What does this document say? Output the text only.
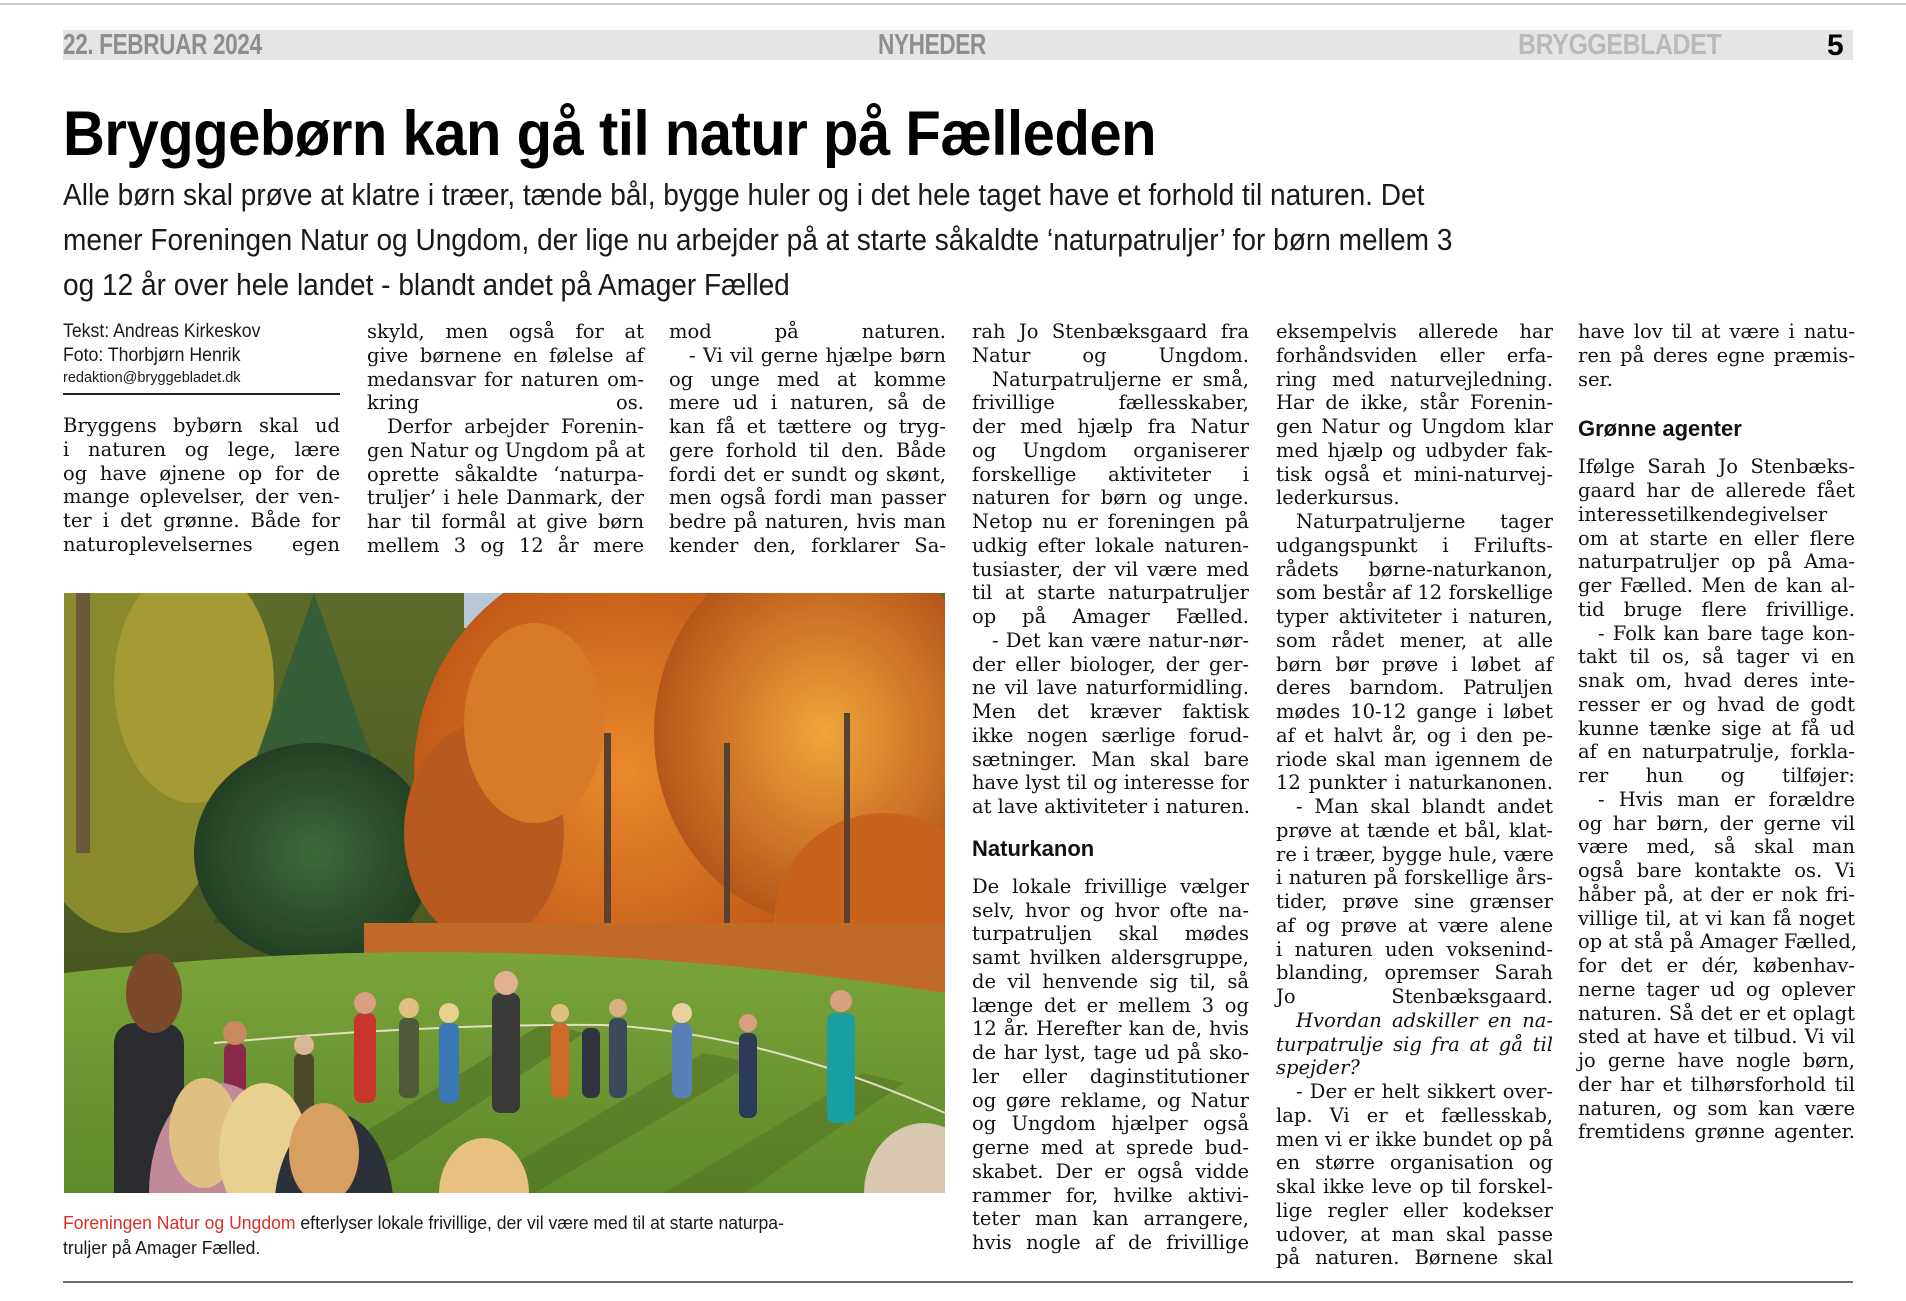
22. FEBRUAR 2024	NYHEDER	BRYGGEBLADET	5
Bryggebørn kan gå til natur på Fælleden
Alle børn skal prøve at klatre i træer, tænde bål, bygge huler og i det hele taget have et forhold til naturen. Det
mener Foreningen Natur og Ungdom, der lige nu arbejder på at starte såkaldte ‘naturpatruljer’ for børn mellem 3
og 12 år over hele landet - blandt andet på Amager Fælled
Tekst: Andreas Kirkeskov
Foto: Thorbjørn Henrik
redaktion@bryggebladet.dk
Bryggens bybørn skal ud
i naturen og lege, lære
og have øjnene op for de
mange oplevelser, der ven-
ter i det grønne. Både for
naturoplevelsernes egen
skyld, men også for at
give børnene en følelse af
medansvar for naturen om-
kring os.
Derfor arbejder Forenin-
gen Natur og Ungdom på at
oprette såkaldte ‘naturpa-
truljer’ i hele Danmark, der
har til formål at give børn
mellem 3 og 12 år mere
mod på naturen.
- Vi vil gerne hjælpe børn
og unge med at komme
mere ud i naturen, så de
kan få et tættere og tryg-
gere forhold til den. Både
fordi det er sundt og skønt,
men også fordi man passer
bedre på naturen, hvis man
kender den, forklarer Sa-
rah Jo Stenbæksgaard fra
Natur og Ungdom.
Naturpatruljerne er små,
frivillige fællesskaber,
der med hjælp fra Natur
og Ungdom organiserer
forskellige aktiviteter i
naturen for børn og unge.
Netop nu er foreningen på
udkig efter lokale naturen-
tusiaster, der vil være med
til at starte naturpatruljer
op på Amager Fælled.
- Det kan være natur-nør-
der eller biologer, der ger-
ne vil lave naturformidling.
Men det kræver faktisk
ikke nogen særlige forud-
sætninger. Man skal bare
have lyst til og interesse for
at lave aktiviteter i naturen.
Naturkanon
De lokale frivillige vælger
selv, hvor og hvor ofte na-
turpatruljen skal mødes
samt hvilken aldersgruppe,
de vil henvende sig til, så
længe det er mellem 3 og
12 år. Herefter kan de, hvis
de har lyst, tage ud på sko-
ler eller daginstitutioner
og gøre reklame, og Natur
og Ungdom hjælper også
gerne med at sprede bud-
skabet. Der er også vidde
rammer for, hvilke aktivi-
teter man kan arrangere,
hvis nogle af de frivillige
eksempelvis allerede har
forhåndsviden eller erfa-
ring med naturvejledning.
Har de ikke, står Forenin-
gen Natur og Ungdom klar
med hjælp og udbyder fak-
tisk også et mini-naturvej-
lederkursus.
Naturpatruljerne tager
udgangspunkt i Frilufts-
rådets børne-naturkanon,
som består af 12 forskellige
typer aktiviteter i naturen,
som rådet mener, at alle
børn bør prøve i løbet af
deres barndom. Patruljen
mødes 10-12 gange i løbet
af et halvt år, og i den pe-
riode skal man igennem de
12 punkter i naturkanonen.
- Man skal blandt andet
prøve at tænde et bål, klat-
re i træer, bygge hule, være
i naturen på forskellige års-
tider, prøve sine grænser
af og prøve at være alene
i naturen uden voksenind-
blanding, opremser Sarah
Jo Stenbæksgaard.
Hvordan adskiller en na-
turpatrulje sig fra at gå til
spejder?
- Der er helt sikkert over-
lap. Vi er et fællesskab,
men vi er ikke bundet op på
en større organisation og
skal ikke leve op til forskel-
lige regler eller kodekser
udover, at man skal passe
på naturen. Børnene skal
have lov til at være i natu-
ren på deres egne præmis-
ser.
Grønne agenter
Ifølge Sarah Jo Stenbæks-
gaard har de allerede fået
interessetilkendegivelser
om at starte en eller flere
naturpatruljer op på Ama-
ger Fælled. Men de kan al-
tid bruge flere frivillige.
- Folk kan bare tage kon-
takt til os, så tager vi en
snak om, hvad deres inte-
resser er og hvad de godt
kunne tænke sige at få ud
af en naturpatrulje, forkla-
rer hun og tilføjer:
- Hvis man er forældre
og har børn, der gerne vil
være med, så skal man
også bare kontakte os. Vi
håber på, at der er nok fri-
villige til, at vi kan få noget
op at stå på Amager Fælled,
for det er dér, københav-
nerne tager ud og oplever
naturen. Så det er et oplagt
sted at have et tilbud. Vi vil
jo gerne have nogle børn,
der har et tilhørsforhold til
naturen, og som kan være
fremtidens grønne agenter.
Foreningen Natur og Ungdom efterlyser lokale frivillige, der vil være med til at starte naturpa-
truljer på Amager Fælled.
